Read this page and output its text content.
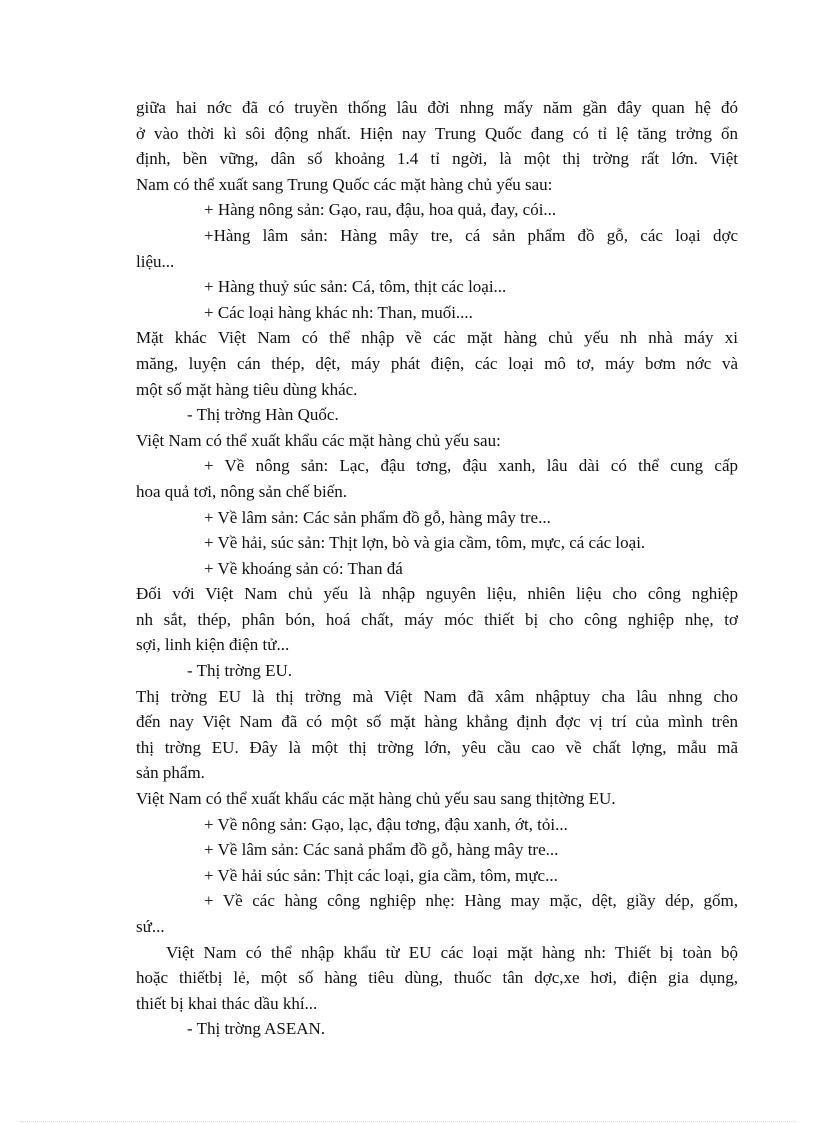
giữa hai nớc đã có truyền thống lâu đời nhng mấy năm gần đây quan hệ đó
ở vào thời kì sôi động nhất. Hiện nay Trung Quốc đang có tỉ lệ tăng trởng ổn
định, bền vững, dân số khoảng 1.4 tỉ ngời, là một thị trờng rất lớn. Việt
Nam có thể xuất sang Trung Quốc các mặt hàng chủ yếu sau:
+ Hàng nông sản: Gạo, rau, đậu, hoa quả, đay, cói...
+Hàng lâm sản: Hàng mây tre, cá sản phẩm đồ gỗ, các loại dợc
liệu...
+ Hàng thuỷ súc sản: Cá, tôm, thịt các loại...
+ Các loại hàng khác nh: Than, muối....
Mặt khác Việt Nam có thể nhập về các mặt hàng chủ yếu nh nhà máy xi
măng, luyện cán thép, dệt, máy phát điện, các loại mô tơ, máy bơm nớc và
một số mặt hàng tiêu dùng khác.
- Thị trờng Hàn Quốc.
Việt Nam có thể xuất khẩu các mặt hàng chủ yếu sau:
+ Về nông sản: Lạc, đậu tơng, đậu xanh, lâu dài có thể cung cấp
hoa quả tơi, nông sản chế biến.
+ Về lâm sản: Các sản phẩm đồ gỗ, hàng mây tre...
+ Về hải, súc sản: Thịt lợn, bò và gia cầm, tôm, mực, cá các loại.
+ Về khoáng sản có: Than đá
Đối với Việt Nam chủ yếu là nhập nguyên liệu, nhiên liệu cho công nghiệp
nh sắt, thép, phân bón, hoá chất, máy móc thiết bị cho công nghiệp nhẹ, tơ
sợi, linh kiện điện tử...
- Thị trờng EU.
Thị trờng EU là thị trờng mà Việt Nam đã xâm nhậptuy cha lâu nhng cho
đến nay Việt Nam đã có một số mặt hàng khẳng định đợc vị trí của mình trên
thị trờng EU. Đây là một thị trờng lớn, yêu cầu cao về chất lợng, mẫu mã
sản phẩm.
Việt Nam có thể xuất khẩu các mặt hàng chủ yếu sau sang thịtờng EU.
+ Về nông sản: Gạo, lạc, đậu tơng, đậu xanh, ớt, tỏi...
+ Về lâm sản: Các sanả phẩm đồ gỗ, hàng mây tre...
+ Về hải súc sản: Thịt các loại, gia cầm, tôm, mực...
+ Về các hàng công nghiệp nhẹ: Hàng may mặc, dệt, giầy dép, gốm,
sứ...
Việt Nam có thể nhập khẩu từ EU các loại mặt hàng nh: Thiết bị toàn bộ
hoặc thiếtbị lẻ, một số hàng tiêu dùng, thuốc tân dợc,xe hơi, điện gia dụng,
thiết bị khai thác dầu khí...
- Thị trờng ASEAN.
